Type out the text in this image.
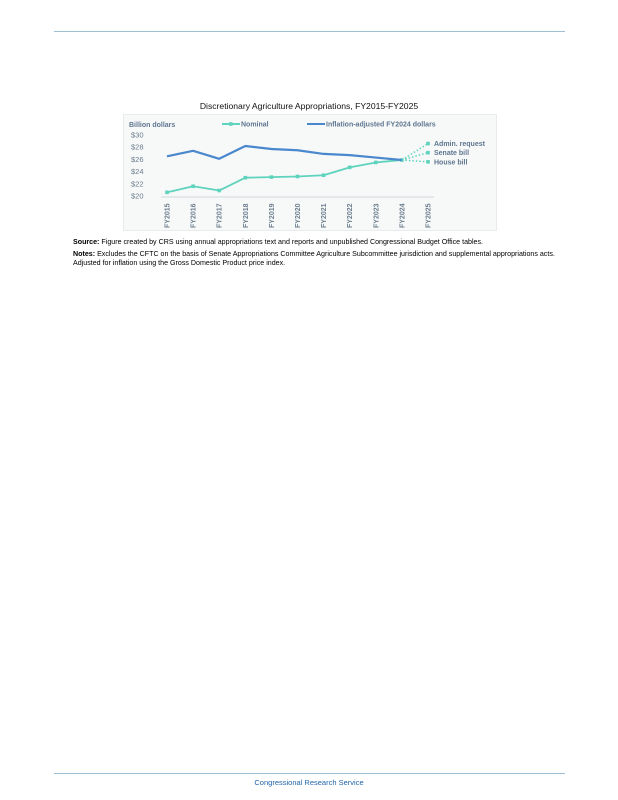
Discretionary Agriculture Appropriations, FY2015-FY2025
Billion dollars	Nominal	Inflation-adjusted FY2024 dollars
$20
$22
$24
$26
$28
$30
FY2015	FY2016	FY2017	FY2018	FY2019	FY2020	FY2021	FY2022	FY2023	FY2024	FY2025
Admin. request
Senate bill
House bill

Source: Figure created by CRS using annual appropriations text and reports and unpublished Congressional Budget Office tables.

Notes: Excludes the CFTC on the basis of Senate Appropriations Committee Agriculture Subcommittee jurisdiction and supplemental appropriations acts. Adjusted for inflation using the Gross Domestic Product price index.

Congressional Research Service
